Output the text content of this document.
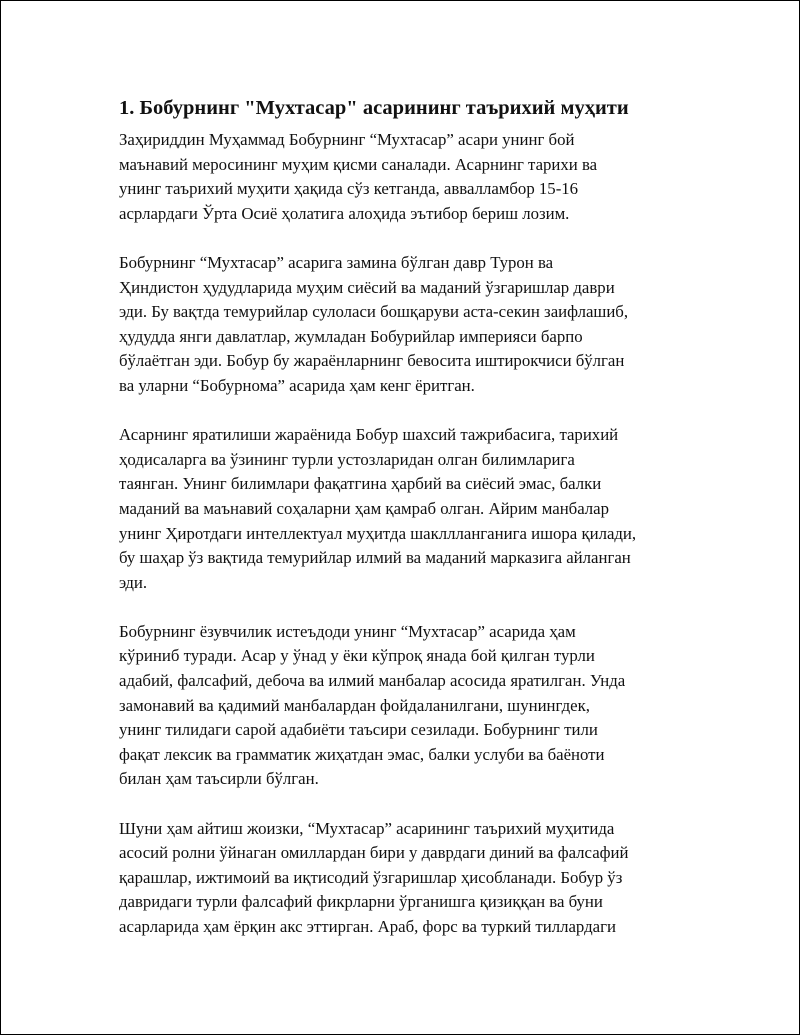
1. Бобурнинг "Мухтасар" асарининг таърихий муҳити
Заҳириддин Муҳаммад Бобурнинг “Мухтасар” асари унинг бой
маънавий меросининг муҳим қисми саналади. Асарнинг тарихи ва
унинг таърихий муҳити ҳақида сўз кетганда, аввалламбор 15-16
асрлардаги Ўрта Осиё ҳолатига алоҳида эътибор бериш лозим.
Бобурнинг “Мухтасар” асарига замина бўлган давр Турон ва
Ҳиндистон ҳудудларида муҳим сиёсий ва маданий ўзгаришлар даври
эди. Бу вақтда темурийлар сулоласи бошқаруви аста-секин заифлашиб,
ҳудудда янги давлатлар, жумладан Бобурийлар империяси барпо
бўлаётган эди. Бобур бу жараёнларнинг бевосита иштирокчиси бўлган
ва уларни “Бобурнома” асарида ҳам кенг ёритган.
Асарнинг яратилиши жараёнида Бобур шахсий тажрибасига, тарихий
ҳодисаларга ва ўзининг турли устозларидан олган билимларига
таянган. Унинг билимлари фақатгина ҳарбий ва сиёсий эмас, балки
маданий ва маънавий соҳаларни ҳам қамраб олган. Айрим манбалар
унинг Ҳиротдаги интеллектуал муҳитда шакллланганига ишора қилади,
бу шаҳар ўз вақтида темурийлар илмий ва маданий марказига айланган
эди.
Бобурнинг ёзувчилик истеъдоди унинг “Мухтасар” асарида ҳам
кўриниб туради. Асар у ўнад у ёки кўпроқ янада бой қилган турли
адабий, фалсафий, дебоча ва илмий манбалар асосида яратилган. Унда
замонавий ва қадимий манбалардан фойдаланилгани, шунингдек,
унинг тилидаги сарой адабиёти таъсири сезилади. Бобурнинг тили
фақат лексик ва грамматик жиҳатдан эмас, балки услуби ва баёноти
билан ҳам таъсирли бўлган.
Шуни ҳам айтиш жоизки, “Мухтасар” асарининг таърихий муҳитида
асосий ролни ўйнаган омиллардан бири у даврдаги диний ва фалсафий
қарашлар, ижтимоий ва иқтисодий ўзгаришлар ҳисобланади. Бобур ўз
давридаги турли фалсафий фикрларни ўрганишга қизиққан ва буни
асарларида ҳам ёрқин акс эттирган. Араб, форс ва туркий тиллардаги
